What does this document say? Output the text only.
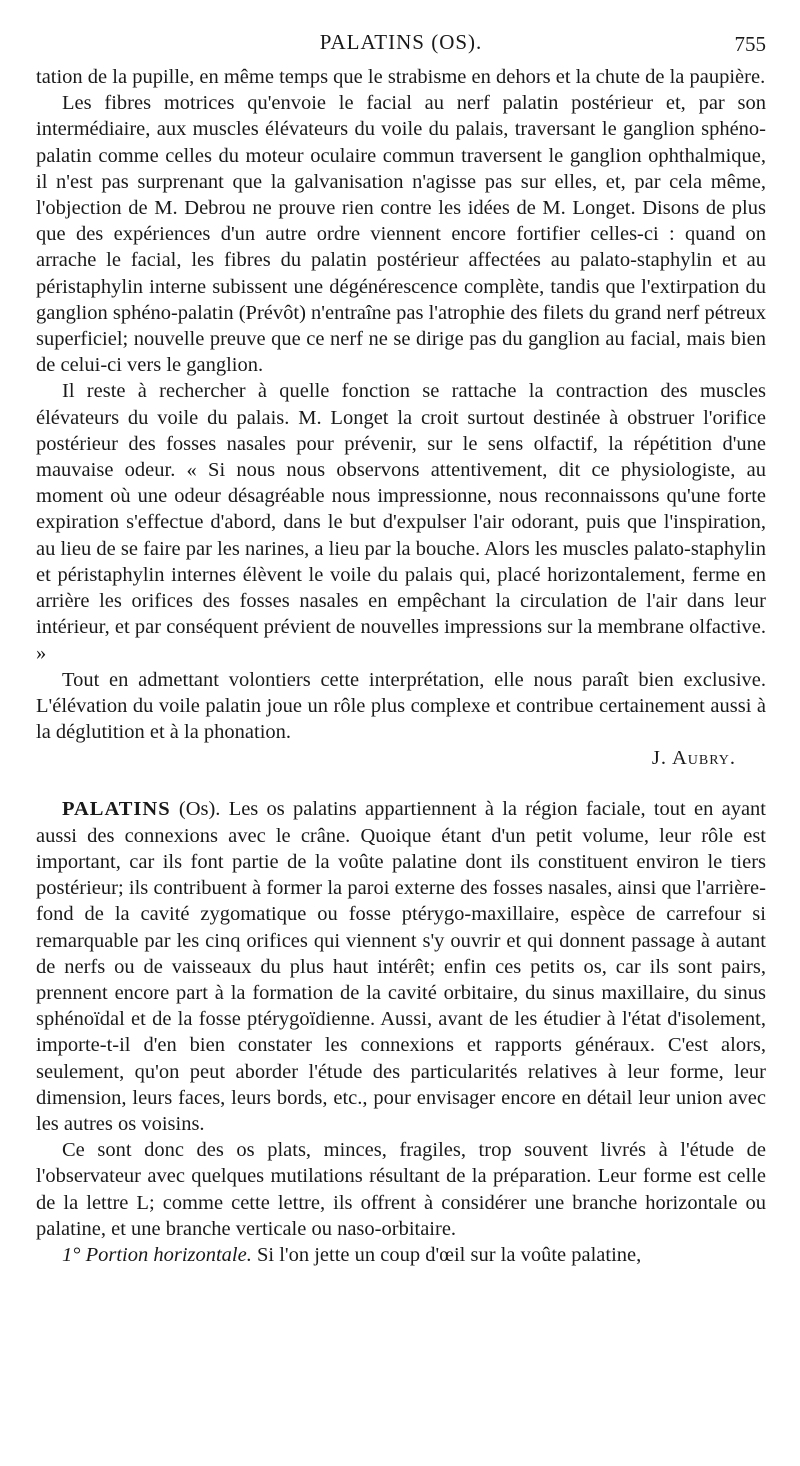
PALATINS (OS).	755

tation de la pupille, en même temps que le strabisme en dehors et la chute de la paupière.

Les fibres motrices qu'envoie le facial au nerf palatin postérieur et, par son intermédiaire, aux muscles élévateurs du voile du palais, traversant le ganglion sphéno-palatin comme celles du moteur oculaire commun traversent le ganglion ophthalmique, il n'est pas surprenant que la galvanisation n'agisse pas sur elles, et, par cela même, l'objection de M. Debrou ne prouve rien contre les idées de M. Longet. Disons de plus que des expériences d'un autre ordre viennent encore fortifier celles-ci : quand on arrache le facial, les fibres du palatin postérieur affectées au palato-staphylin et au péristaphylin interne subissent une dégénérescence complète, tandis que l'extirpation du ganglion sphéno-palatin (Prévôt) n'entraîne pas l'atrophie des filets du grand nerf pétreux superficiel; nouvelle preuve que ce nerf ne se dirige pas du ganglion au facial, mais bien de celui-ci vers le ganglion.

Il reste à rechercher à quelle fonction se rattache la contraction des muscles élévateurs du voile du palais. M. Longet la croit surtout destinée à obstruer l'orifice postérieur des fosses nasales pour prévenir, sur le sens olfactif, la répétition d'une mauvaise odeur. « Si nous nous observons attentivement, dit ce physiologiste, au moment où une odeur désagréable nous impressionne, nous reconnaissons qu'une forte expiration s'effectue d'abord, dans le but d'expulser l'air odorant, puis que l'inspiration, au lieu de se faire par les narines, a lieu par la bouche. Alors les muscles palato-staphylin et péristaphylin internes élèvent le voile du palais qui, placé horizontalement, ferme en arrière les orifices des fosses nasales en empêchant la circulation de l'air dans leur intérieur, et par conséquent prévient de nouvelles impressions sur la membrane olfactive. »

Tout en admettant volontiers cette interprétation, elle nous paraît bien exclusive. L'élévation du voile palatin joue un rôle plus complexe et contribue certainement aussi à la déglutition et à la phonation.
J. Aubry.

PALATINS (Os). Les os palatins appartiennent à la région faciale, tout en ayant aussi des connexions avec le crâne. Quoique étant d'un petit volume, leur rôle est important, car ils font partie de la voûte palatine dont ils constituent environ le tiers postérieur; ils contribuent à former la paroi externe des fosses nasales, ainsi que l'arrière-fond de la cavité zygomatique ou fosse ptérygo-maxillaire, espèce de carrefour si remarquable par les cinq orifices qui viennent s'y ouvrir et qui donnent passage à autant de nerfs ou de vaisseaux du plus haut intérêt; enfin ces petits os, car ils sont pairs, prennent encore part à la formation de la cavité orbitaire, du sinus maxillaire, du sinus sphénoïdal et de la fosse ptérygoïdienne. Aussi, avant de les étudier à l'état d'isolement, importe-t-il d'en bien constater les connexions et rapports généraux. C'est alors, seulement, qu'on peut aborder l'étude des particularités relatives à leur forme, leur dimension, leurs faces, leurs bords, etc., pour envisager encore en détail leur union avec les autres os voisins.

Ce sont donc des os plats, minces, fragiles, trop souvent livrés à l'étude de l'observateur avec quelques mutilations résultant de la préparation. Leur forme est celle de la lettre L; comme cette lettre, ils offrent à considérer une branche horizontale ou palatine, et une branche verticale ou naso-orbitaire.

1° Portion horizontale. Si l'on jette un coup d'œil sur la voûte palatine,
